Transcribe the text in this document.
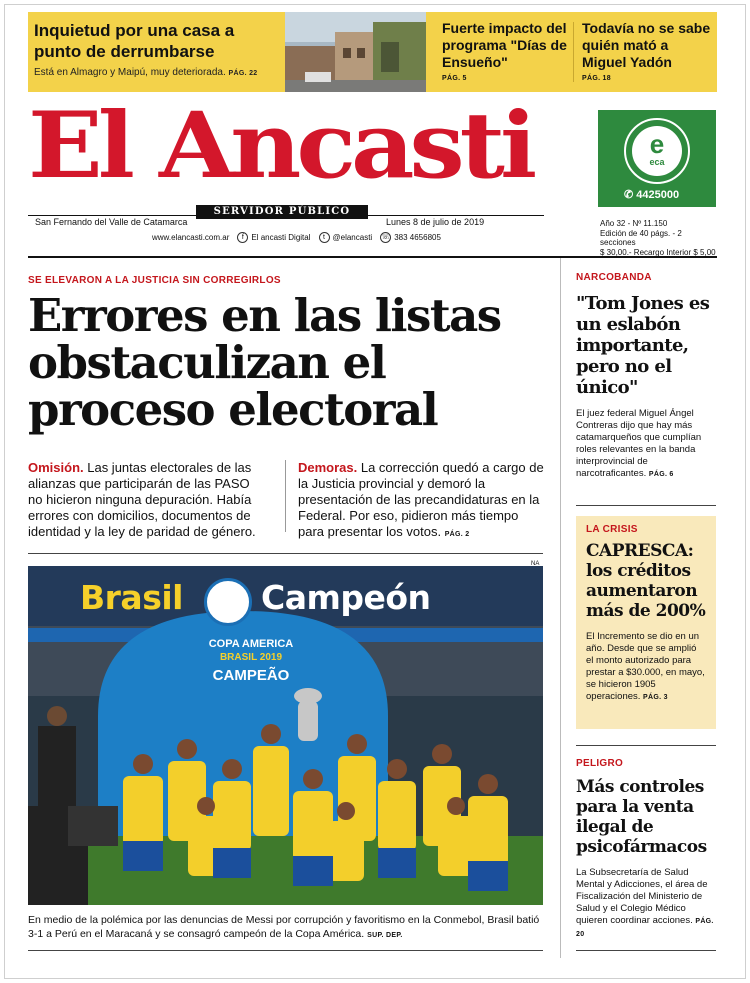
Inquietud por una casa a punto de derrumbarse
Está en Almagro y Maipú, muy deteriorada. PÁG. 22
Fuerte impacto del programa "Días de Ensueño"
PÁG. 5
Todavía no se sabe quién mató a Miguel Yadón
PÁG. 18
El Ancasti
SERVIDOR PÚBLICO
San Fernando del Valle de Catamarca	Lunes 8 de julio de 2019
www.elancasti.com.ar	f El ancasti Digital	t @elancasti ☏ 383 4656805
e
eca
✆ 4425000
Año 32 - Nº 11.150
Edición de 40 págs. - 2 secciones
$ 30,00.- Recargo Interior $ 5,00
SE ELEVARON A LA JUSTICIA SIN CORREGIRLOS
Errores en las listas obstaculizan el proceso electoral
Omisión. Las juntas electorales de las alianzas que participarán de las PASO no hicieron ninguna depuración. Había errores con domicilios, documentos de identidad y la ley de paridad de género.
Demoras. La corrección quedó a cargo de la Justicia provincial y demoró la presentación de las precandidaturas en la Federal. Por eso, pidieron más tiempo para presentar los votos. PÁG. 2
Brasil Campeón
COPA AMERICA
BRASIL 2019
CAMPEÃO
NA
En medio de la polémica por las denuncias de Messi por corrupción y favoritismo en la Conmebol, Brasil batió 3-1 a Perú en el Maracaná y se consagró campeón de la Copa América. SUP. DEP.
NARCOBANDA
"Tom Jones es un eslabón importante, pero no el único"
El juez federal Miguel Ángel Contreras dijo que hay más catamarqueños que cumplían roles relevantes en la banda interprovincial de narcotraficantes. PÁG. 6
LA CRISIS
CAPRESCA: los créditos aumentaron más de 200%
El Incremento se dio en un año. Desde que se amplió el monto autorizado para prestar a $30.000, en mayo, se hicieron 1905 operaciones. PÁG. 3
PELIGRO
Más controles para la venta ilegal de psicofármacos
La Subsecretaría de Salud Mental y Adicciones, el área de Fiscalización del Ministerio de Salud y el Colegio Médico quieren coordinar acciones. PÁG. 20
